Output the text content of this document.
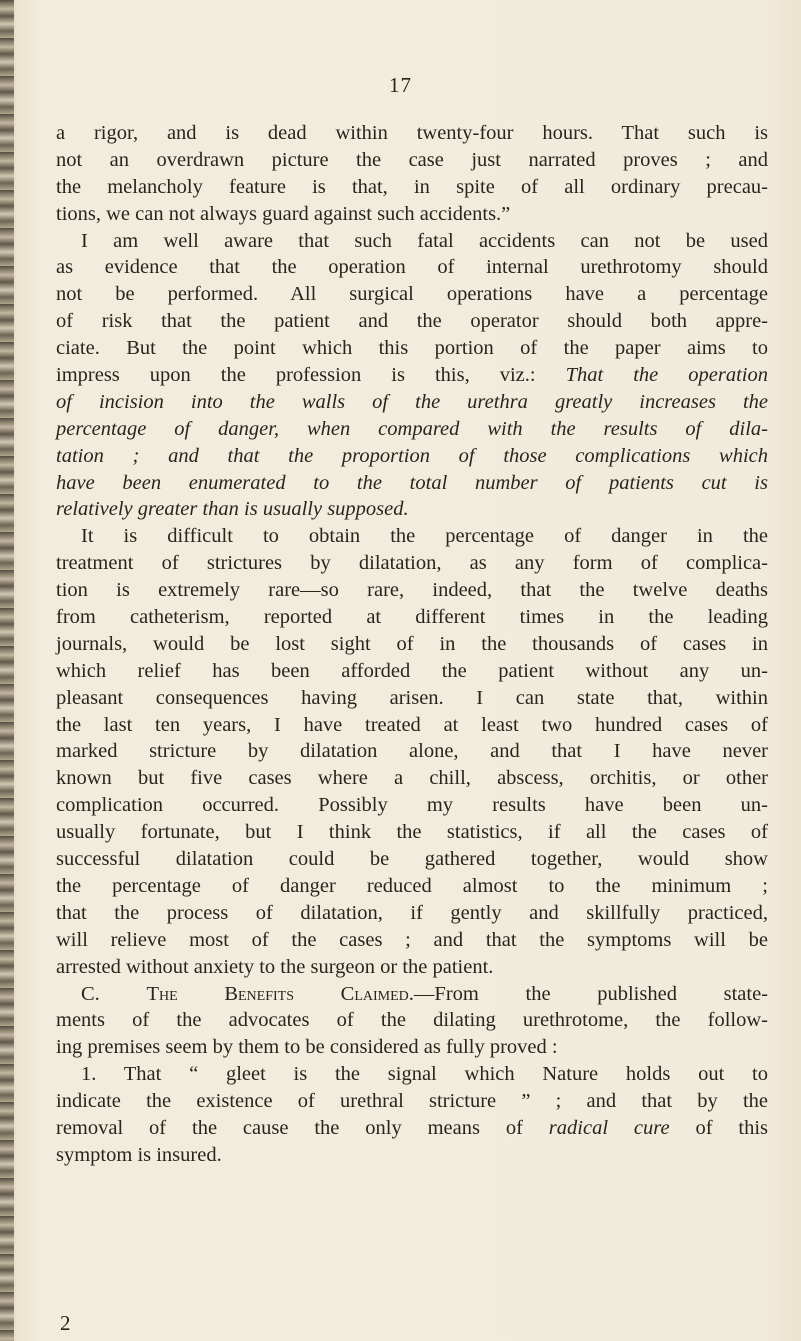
17
a rigor, and is dead within twenty-four hours. That such is
not an overdrawn picture the case just narrated proves ; and
the melancholy feature is that, in spite of all ordinary precau-
tions, we can not always guard against such accidents.”
I am well aware that such fatal accidents can not be used
as evidence that the operation of internal urethrotomy should
not be performed. All surgical operations have a percentage
of risk that the patient and the operator should both appre-
ciate. But the point which this portion of the paper aims to
impress upon the profession is this, viz.: That the operation
of incision into the walls of the urethra greatly increases the
percentage of danger, when compared with the results of dila-
tation ; and that the proportion of those complications which
have been enumerated to the total number of patients cut is
relatively greater than is usually supposed.
It is difficult to obtain the percentage of danger in the
treatment of strictures by dilatation, as any form of complica-
tion is extremely rare—so rare, indeed, that the twelve deaths
from catheterism, reported at different times in the leading
journals, would be lost sight of in the thousands of cases in
which relief has been afforded the patient without any un-
pleasant consequences having arisen. I can state that, within
the last ten years, I have treated at least two hundred cases of
marked stricture by dilatation alone, and that I have never
known but five cases where a chill, abscess, orchitis, or other
complication occurred. Possibly my results have been un-
usually fortunate, but I think the statistics, if all the cases of
successful dilatation could be gathered together, would show
the percentage of danger reduced almost to the minimum ;
that the process of dilatation, if gently and skillfully practiced,
will relieve most of the cases ; and that the symptoms will be
arrested without anxiety to the surgeon or the patient.
C. The Benefits Claimed.—From the published state-
ments of the advocates of the dilating urethrotome, the follow-
ing premises seem by them to be considered as fully proved :
1. That “ gleet is the signal which Nature holds out to
indicate the existence of urethral stricture ” ; and that by the
removal of the cause the only means of radical cure of this
symptom is insured.
2
